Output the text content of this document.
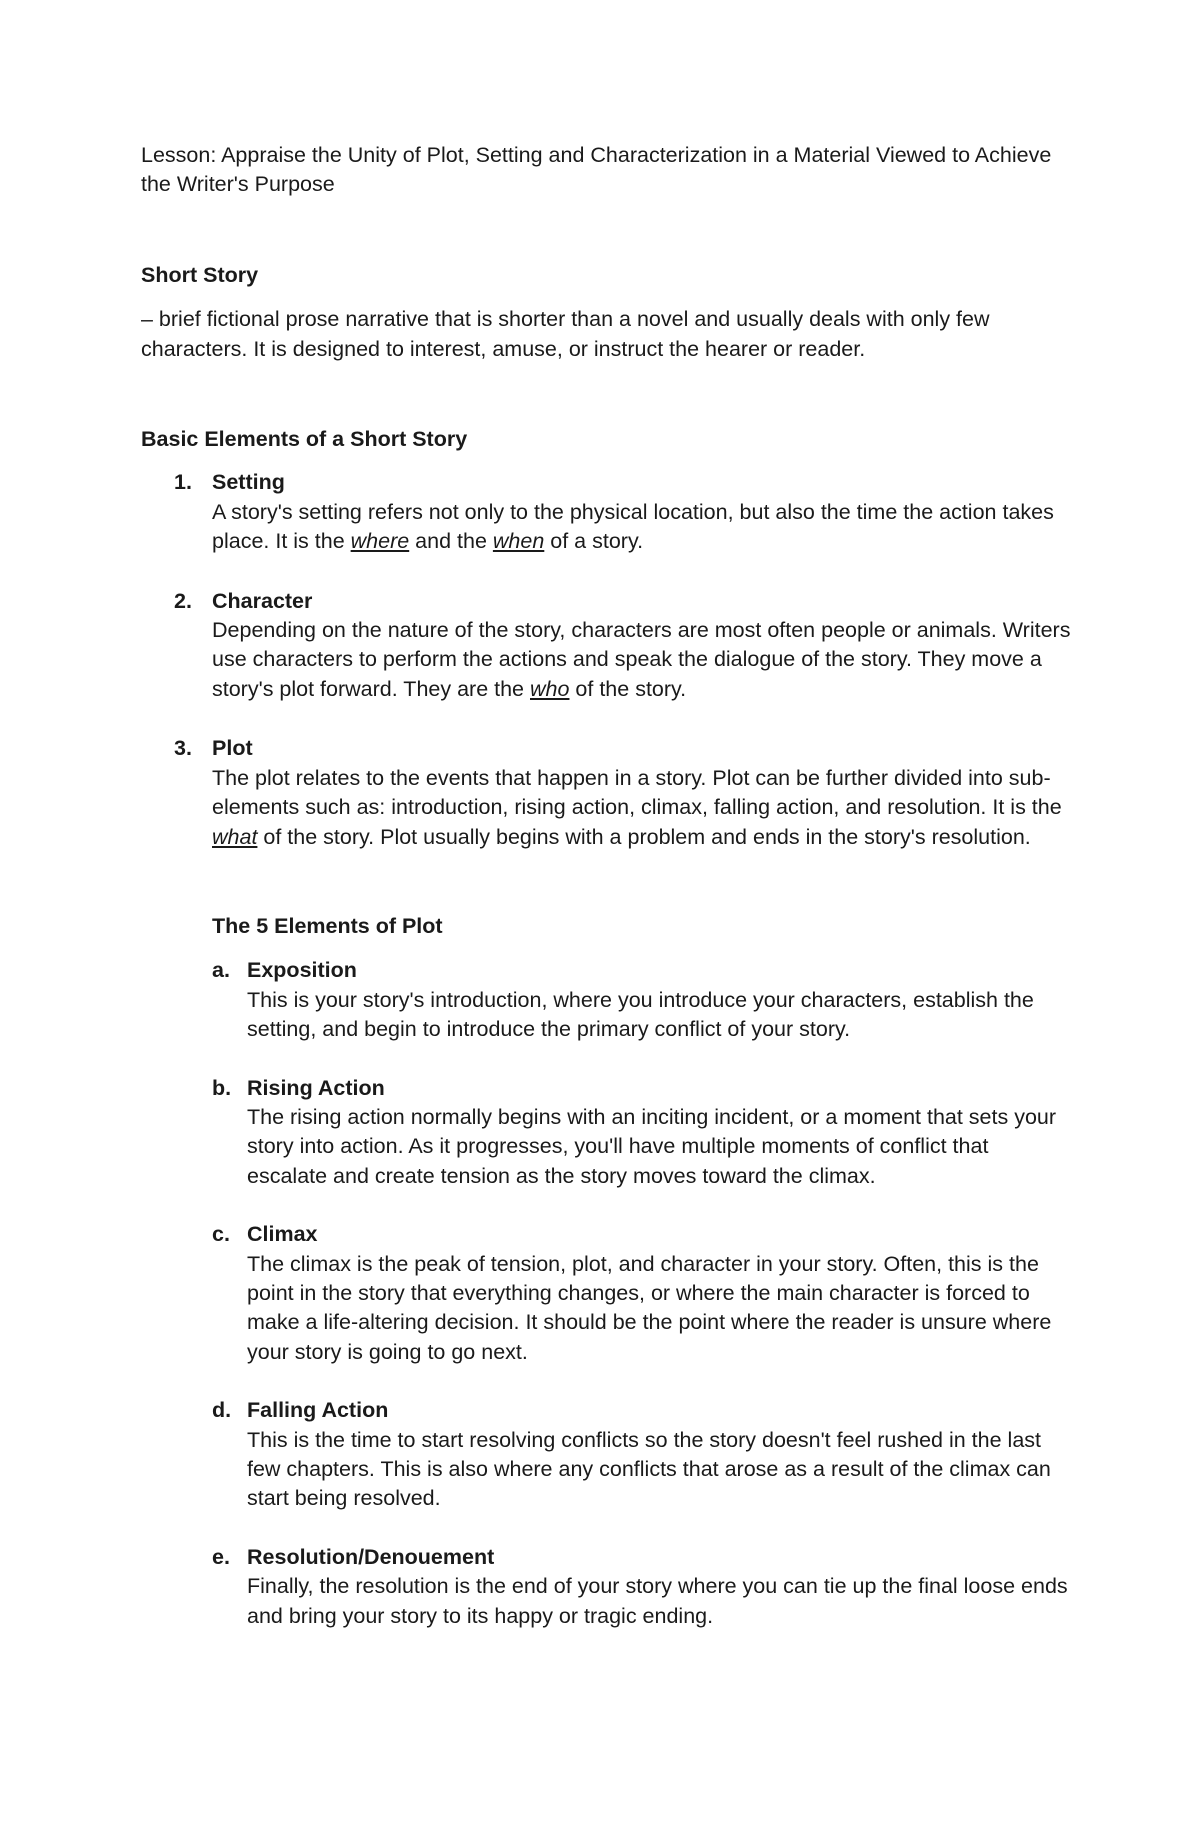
Lesson: Appraise the Unity of Plot, Setting and Characterization in a Material Viewed to Achieve the Writer's Purpose

Short Story

– brief fictional prose narrative that is shorter than a novel and usually deals with only few characters. It is designed to interest, amuse, or instruct the hearer or reader.

Basic Elements of a Short Story

1. Setting
A story's setting refers not only to the physical location, but also the time the action takes place. It is the where and the when of a story.
2. Character
Depending on the nature of the story, characters are most often people or animals. Writers use characters to perform the actions and speak the dialogue of the story. They move a story's plot forward. They are the who of the story.
3. Plot
The plot relates to the events that happen in a story. Plot can be further divided into sub-elements such as: introduction, rising action, climax, falling action, and resolution. It is the what of the story. Plot usually begins with a problem and ends in the story's resolution.

The 5 Elements of Plot

a. Exposition
This is your story's introduction, where you introduce your characters, establish the setting, and begin to introduce the primary conflict of your story.
b. Rising Action
The rising action normally begins with an inciting incident, or a moment that sets your story into action. As it progresses, you'll have multiple moments of conflict that escalate and create tension as the story moves toward the climax.
c. Climax
The climax is the peak of tension, plot, and character in your story. Often, this is the point in the story that everything changes, or where the main character is forced to make a life-altering decision. It should be the point where the reader is unsure where your story is going to go next.
d. Falling Action
This is the time to start resolving conflicts so the story doesn't feel rushed in the last few chapters. This is also where any conflicts that arose as a result of the climax can start being resolved.
e. Resolution/Denouement
Finally, the resolution is the end of your story where you can tie up the final loose ends and bring your story to its happy or tragic ending.
